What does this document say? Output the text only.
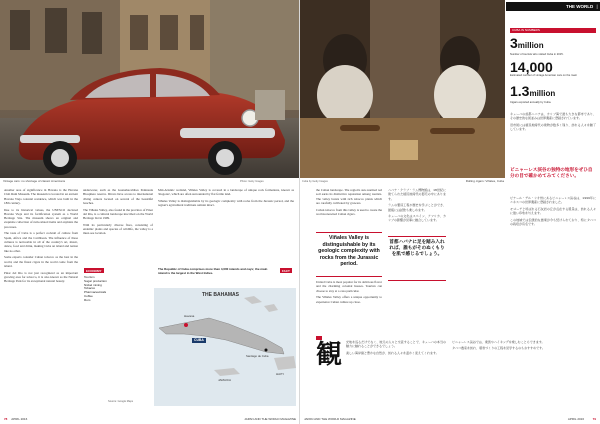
Vintage cars: no shortage of classic Americans	Photo: Getty Images

Another area of significance in Havana is the Havana Club Rum Museum. The museum is located in an ancient Havana Vieja colonial residence, which was built in the 18th century.

Due to its historical values, the UNESCO declared Havana Vieja and its fortification system as a World Heritage Site. The museum shows an original and exquisite collection of rum-related items and explains the processes.

The taste of Cuba is a perfect cocktail of culture from Spain, Africa and the Caribbean. The influence of these cultures is noticeable in all of the country's art, music, dance, food and drink, making Cuba an island and nation like no other.

Some experts consider Cuban tobacco as the best in the world, and the finest cigars in the world come from the island.

Pinar del Rio is not just recognized as an important growing area for tobacco, it is also known as the Natural Heritage Park for its exceptional natural beauty.

underwater, such as the Guanahacabibes Peninsula Biosphere reserve. Divers have access to international diving centers located on several of the beautiful beaches.

The Viñales Valley, also found in the province of Pinar del Rio, is a cultural landscape inscribed on the World Heritage list in 1999.

With its particularly diverse flora, consisting of endemic plants and species of wildlife, the valley is a must-see location.

Mid-Atlantic wetland, Viñales Valley is covered in a landscape of unique rock formations, known as 'mogotes', which are often surrounded by flat fertile land.

Viñales Valley is distinguishable by its geologic complexity with rocks from the Jurassic period, and the region's agricultural traditions remain intact.

ECONOMY
Tourism
Sugar production
Nickel mining
Tobacco
Pharmaceuticals
Coffee
Rum
FACT
The Republic of Cuba comprises more than 4,000 islands and cays; the main island is the largest in the West Indies.
THE BAHAMAS
Havana
CUBA
Santiago de Cuba
JAMAICA
HAITI
Source: Google Maps
78 APRIL 2016	JAPAN AND THE WORLD MAGAZINE
Cuba by Getty Images	Rolling cigars: Viñales, Cuba
THE WORLD | CUBA
CUBA IN NUMBERS
3million
Number of tourists who visited Cuba in 2015.
14,000
Estimated number of vintage American cars on the road.
1.3million
Cigars exported annually by Cuba.

キューバの首都ハバナは、カリブ海で最も大きな都市であり、その歴史的な街並みは世界遺産に登録されています。

旧市街には植民地時代の建物が数多く残り、訪れる人々を魅了しています。

ビニャーレス渓谷の独特の地形をぜひ自分の目で確かめてみてください。

ピナール・デル・リオ州にあるビニャーレス渓谷は、1999年にユネスコの世界遺産に登録されました。

モゴーテと呼ばれる石灰岩の丘が点在する風景は、訪れる人々に強い印象を与えます。

この地域では伝統的な農業が今も続けられており、特にタバコの栽培が有名です。

the Cuban landscape. The region's sun-warmed red soil earns its distinctive reputation among tourists. The valley bursts with rich tobacco plants which are carefully cultivated by growers.

Cuban tobacco from this valley is used to create the world-renowned Cuban cigars.

Viñales Valley is distinguishable by its geologic complexity with rocks from the Jurassic period.

United Cuba is most popular for its delicious flavor and the charming colonial houses. Tourists can choose to stay at a casa particular.

The Viñales Valley offers a unique opportunity to experience Cuban culture up close.

ハバナ・クラブ・ラム博物館は、18世紀に建てられた植民地時代の邸宅の中にあります。

ラムの製造工程や歴史を学ぶことができ、最後には試飲も楽しめます。

キューバの文化はスペイン、アフリカ、カリブの影響が見事に融合しています。

首都ハバナに足を踏み入れれば、誰もがそのぬくもりを肌で感じるでしょう。
観 光地を巡るだけでなく、地元の人々と交流することで、キューバの本当の魅力に触れることができるでしょう。

美しい海岸線と豊かな自然が、訪れる人々を温かく迎えてくれます。

ビニャーレス渓谷では、乗馬やハイキングを楽しむこともできます。

タバコ農家を訪れ、葉巻づくりの工程を見学するのもおすすめです。

JAPAN AND THE WORLD MAGAZINE	APRIL 2016	79
